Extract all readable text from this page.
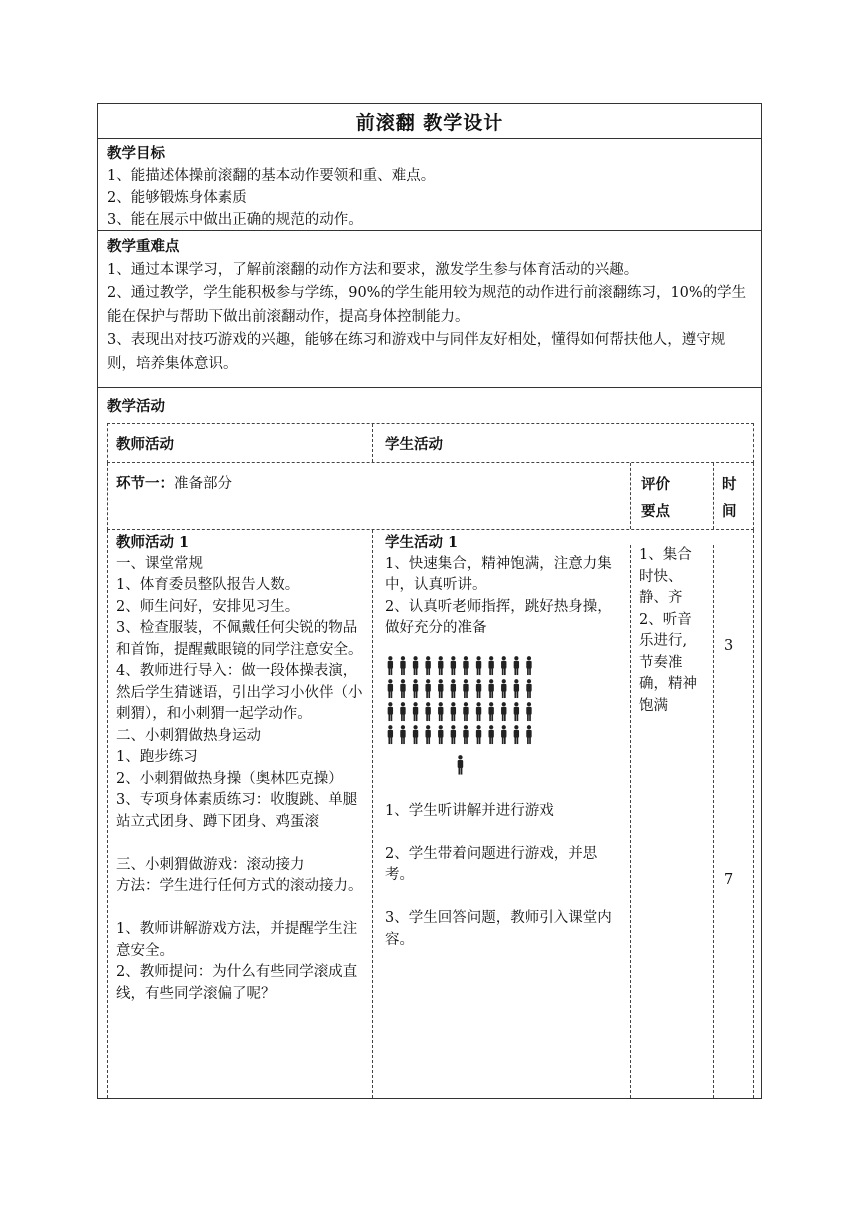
前滚翻 教学设计

教学目标

1、能描述体操前滚翻的基本动作要领和重、难点。

2、能够锻炼身体素质

3、能在展示中做出正确的规范的动作。

教学重难点

1、通过本课学习，了解前滚翻的动作方法和要求，激发学生参与体育活动的兴趣。

2、通过教学，学生能积极参与学练，90%的学生能用较为规范的动作进行前滚翻练习，10%的学生能在保护与帮助下做出前滚翻动作，提高身体控制能力。

3、表现出对技巧游戏的兴趣，能够在练习和游戏中与同伴友好相处，懂得如何帮扶他人，遵守规则，培养集体意识。

教学活动
教师活动	学生活动
环节一：准备部分	评价
要点
时
间

教师活动 1

一、课堂常规

1、体育委员整队报告人数。

2、师生问好，安排见习生。

3、检查服装，不佩戴任何尖锐的物品和首饰，提醒戴眼镜的同学注意安全。

4、教师进行导入：做一段体操表演，然后学生猜谜语，引出学习小伙伴（小刺猬），和小刺猬一起学动作。

二、小刺猬做热身运动

1、跑步练习

2、小刺猬做热身操（奥林匹克操）

3、专项身体素质练习：收腹跳、单腿站立式团身、蹲下团身、鸡蛋滚

三、小刺猬做游戏：滚动接力

方法：学生进行任何方式的滚动接力。

1、教师讲解游戏方法，并提醒学生注意安全。

2、教师提问：为什么有些同学滚成直线，有些同学滚偏了呢？

学生活动 1

1、快速集合，精神饱满，注意力集中，认真听讲。

2、认真听老师指挥，跳好热身操，做好充分的准备

1、学生听讲解并进行游戏

2、学生带着问题进行游戏，并思考。

3、学生回答问题，教师引入课堂内容。

1、集合

时快、

静、齐

2、听音

乐进行,

节奏准

确，精神

饱满

3
7
